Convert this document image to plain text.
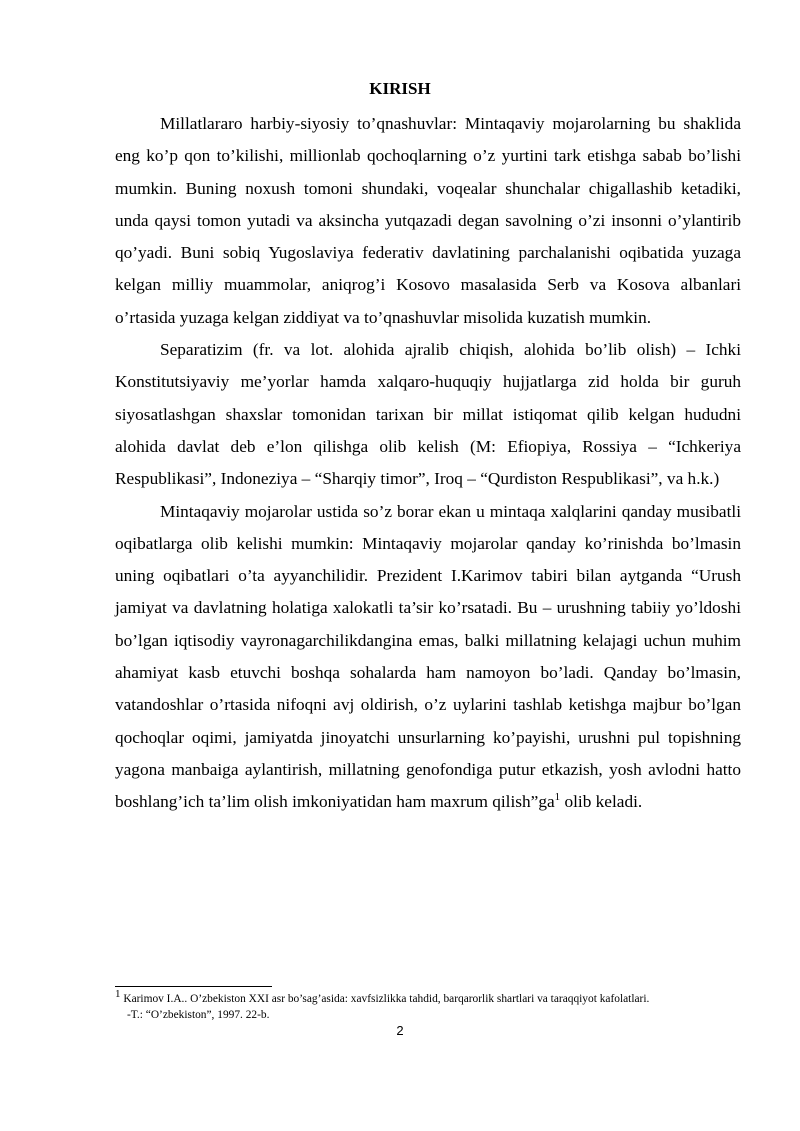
KIRISH

Millatlararo harbiy-siyosiy to’qnashuvlar: Mintaqaviy mojarolarning bu shaklida eng ko’p qon to’kilishi, millionlab qochoqlarning o’z yurtini tark etishga sabab bo’lishi mumkin. Buning noxush tomoni shundaki, voqealar shunchalar chigallashib ketadiki, unda qaysi tomon yutadi va aksincha yutqazadi degan savolning o’zi insonni o’ylantirib qo’yadi. Buni sobiq Yugoslaviya federativ davlatining parchalanishi oqibatida yuzaga kelgan milliy muammolar, aniqrog’i Kosovo masalasida Serb va Kosova albanlari o’rtasida yuzaga kelgan ziddiyat va to’qnashuvlar misolida kuzatish mumkin.

Separatizim (fr. va lot. alohida ajralib chiqish, alohida bo’lib olish) – Ichki Konstitutsiyaviy me’yorlar hamda xalqaro-huquqiy hujjatlarga zid holda bir guruh siyosatlashgan shaxslar tomonidan tarixan bir millat istiqomat qilib kelgan hududni alohida davlat deb e’lon qilishga olib kelish (M: Efiopiya, Rossiya – “Ichkeriya Respublikasi”, Indoneziya – “Sharqiy timor”, Iroq – “Qurdiston Respublikasi”, va h.k.)

Mintaqaviy mojarolar ustida so’z borar ekan u mintaqa xalqlarini qanday musibatli oqibatlarga olib kelishi mumkin: Mintaqaviy mojarolar qanday ko’rinishda bo’lmasin uning oqibatlari o’ta ayyanchilidir. Prezident I.Karimov tabiri bilan aytganda “Urush jamiyat va davlatning holatiga xalokatli ta’sir ko’rsatadi. Bu – urushning tabiiy yo’ldoshi bo’lgan iqtisodiy vayronagarchilikdangina emas, balki millatning kelajagi uchun muhim ahamiyat kasb etuvchi boshqa sohalarda ham namoyon bo’ladi. Qanday bo’lmasin, vatandoshlar o’rtasida nifoqni avj oldirish, o’z uylarini tashlab ketishga majbur bo’lgan qochoqlar oqimi, jamiyatda jinoyatchi unsurlarning ko’payishi, urushni pul topishning yagona manbaiga aylantirish, millatning genofondiga putur etkazish, yosh avlodni hatto boshlang’ich ta’lim olish imkoniyatidan ham maxrum $qilish”ga^1$ olib keladi.

$^1$ Karimov I.A.. O’zbekiston XXI asr bo’sag’asida: xavfsizlikka tahdid, barqarorlik shartlari va taraqqiyot kafolatlari.
-T.: “O’zbekiston”, 1997. 22-b.

2
